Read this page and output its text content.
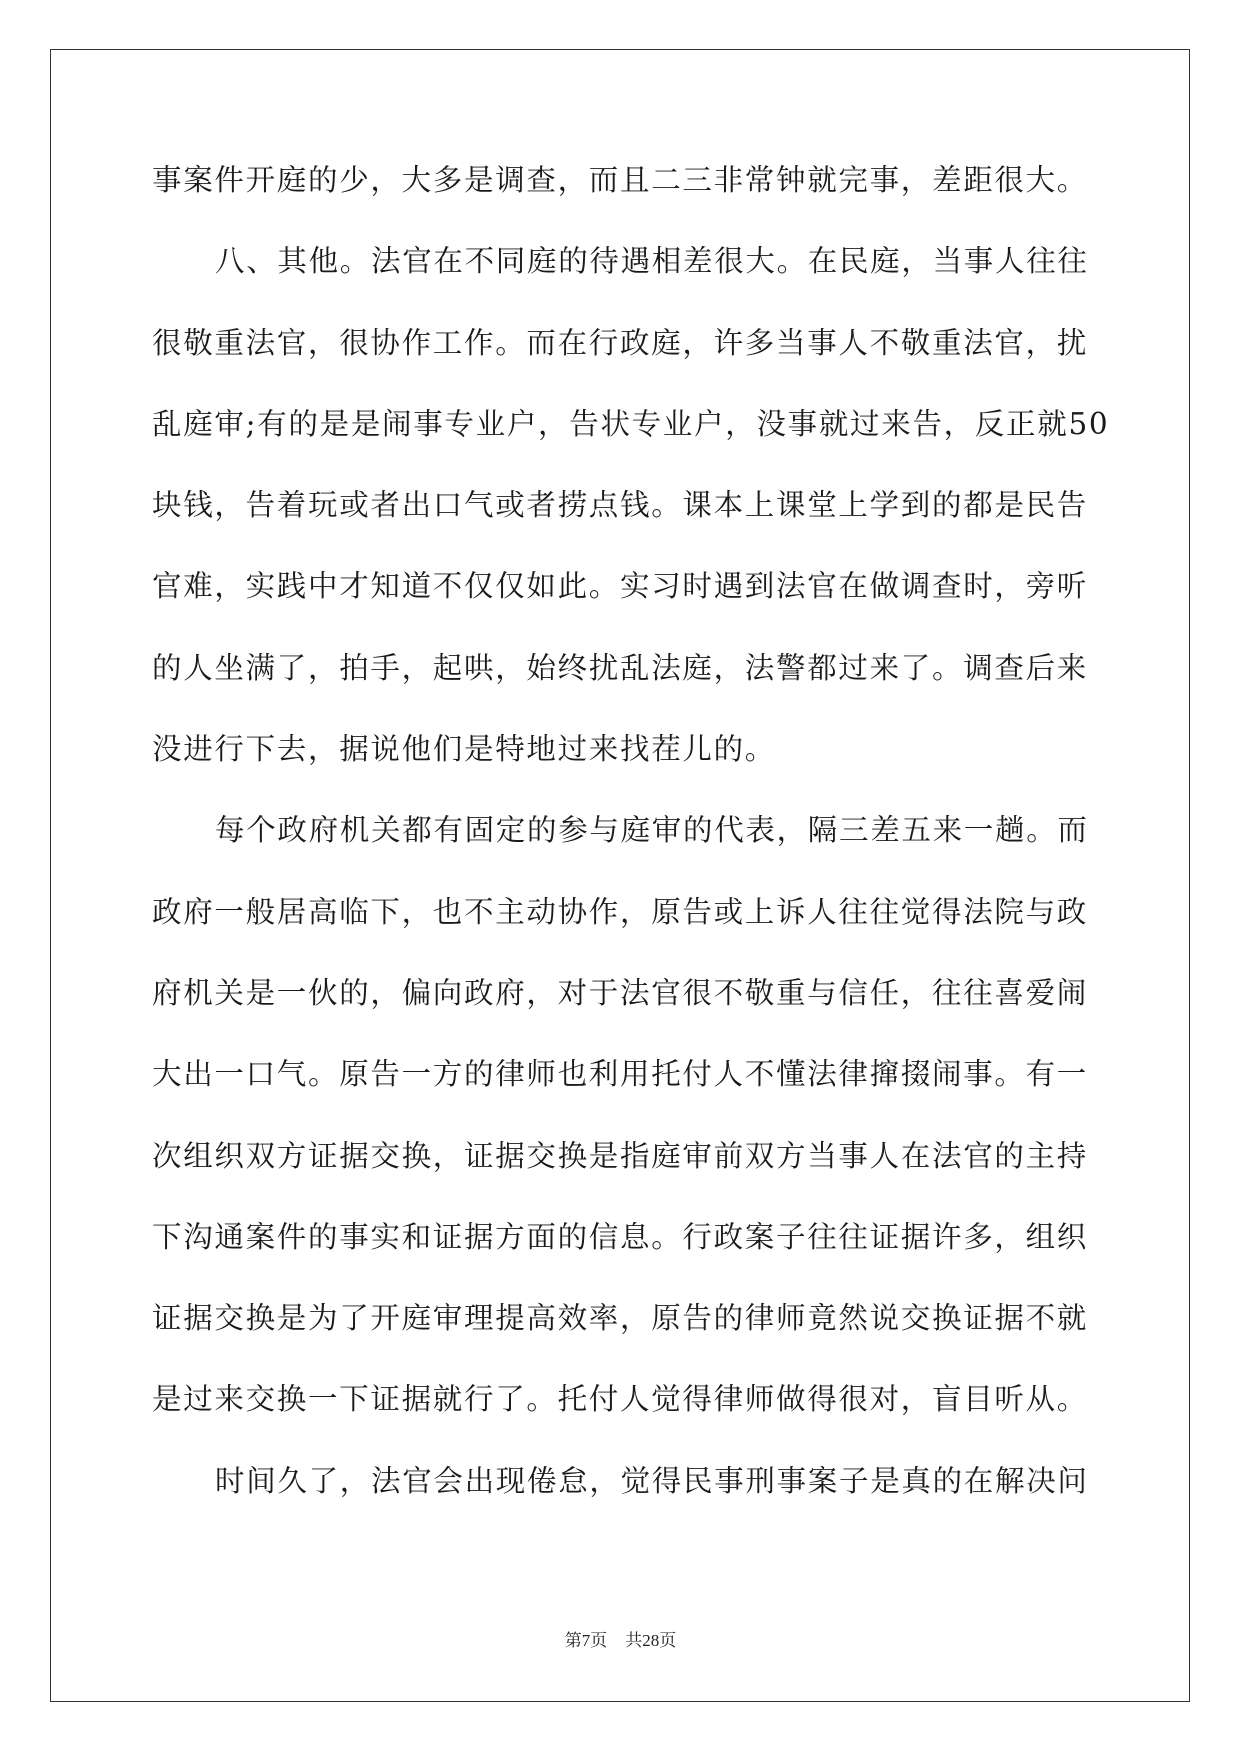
事案件开庭的少，大多是调查，而且二三非常钟就完事，差距很大。
八、其他。法官在不同庭的待遇相差很大。在民庭，当事人往往
很敬重法官，很协作工作。而在行政庭，许多当事人不敬重法官，扰
乱庭审;有的是是闹事专业户，告状专业户，没事就过来告，反正就50
块钱，告着玩或者出口气或者捞点钱。课本上课堂上学到的都是民告
官难，实践中才知道不仅仅如此。实习时遇到法官在做调查时，旁听
的人坐满了，拍手，起哄，始终扰乱法庭，法警都过来了。调查后来
没进行下去，据说他们是特地过来找茬儿的。
每个政府机关都有固定的参与庭审的代表，隔三差五来一趟。而
政府一般居高临下，也不主动协作，原告或上诉人往往觉得法院与政
府机关是一伙的，偏向政府，对于法官很不敬重与信任，往往喜爱闹
大出一口气。原告一方的律师也利用托付人不懂法律撺掇闹事。有一
次组织双方证据交换，证据交换是指庭审前双方当事人在法官的主持
下沟通案件的事实和证据方面的信息。行政案子往往证据许多，组织
证据交换是为了开庭审理提高效率，原告的律师竟然说交换证据不就
是过来交换一下证据就行了。托付人觉得律师做得很对，盲目听从。
时间久了，法官会出现倦怠，觉得民事刑事案子是真的在解决问
第7页 共28页
